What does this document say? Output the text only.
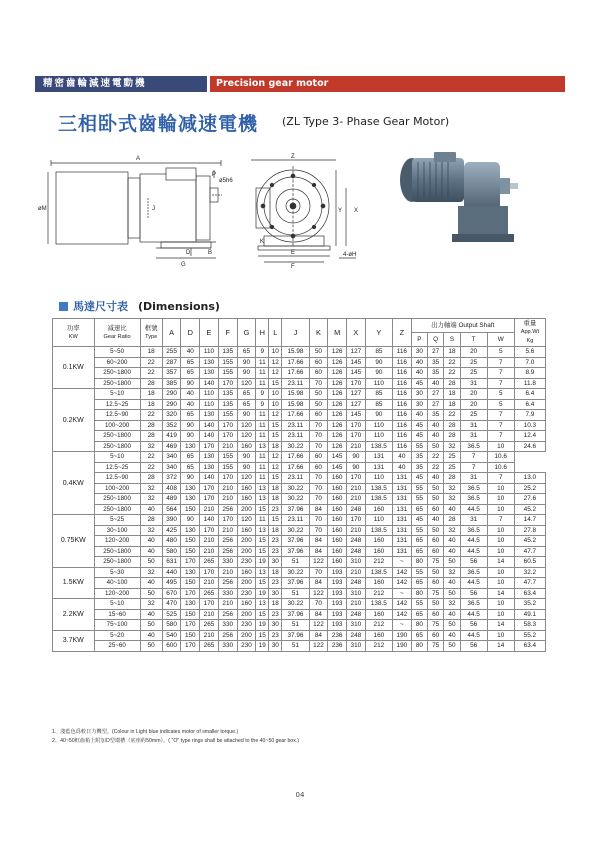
精密齒輪減速電動機	Precision gear motor
三相卧式齒輪减速電機 (ZL Type 3- Phase Gear Motor)
A
P
øM	J
D	B
G
Z
ø5h6
Y X
E
F
K
4-øH
馬達尺寸表 (Dimensions)
功率
KW	减速比
Gear Ratio	框號
Type	A	D	E	F	G	H	L	J	K	M	X	Y	Z	出力軸端 Output Shaft					重量
App.Wt
Kg

																P	Q	S	T	W	
0.1KW	5~50	18	255	40	110	135	65	9	10	15.98	50	126	127	85	116	30	27	18	20	5	5.6
	60~200	22	287	65	130	155	90	11	12	17.66	60	126	145	90	116	40	35	22	25	7	7.0
	250~1800	22	357	65	130	155	90	11	12	17.66	60	126	145	90	116	40	35	22	25	7	8.9
	250~1800	28	385	90	140	170	120	11	15	23.11	70	126	170	110	116	45	40	28	31	7	11.8
0.2KW	5~10	18	290	40	110	135	65	9	10	15.98	50	126	127	85	116	30	27	18	20	5	6.4
	12.5~25	18	290	40	110	135	65	9	10	15.98	50	126	127	85	116	30	27	18	20	5	6.4
	12.5~90	22	320	65	130	155	90	11	12	17.66	60	126	145	90	116	40	35	22	25	7	7.9
	100~200	28	352	90	140	170	120	11	15	23.11	70	126	170	110	116	45	40	28	31	7	10.3
	250~1800	28	419	90	140	170	120	11	15	23.11	70	126	170	110	116	45	40	28	31	7	12.4
	250~1800	32	469	130	170	210	160	13	18	30.22	70	126	210	138.5	116	55	50	32	36.5	10	24.6
0.4KW	5~10	22	340	65	130	155	90	11	12	17.66	60	145	90	131	40	35	22	25	7	10.6	
	12.5~25	22	340	65	130	155	90	11	12	17.66	60	145	90	131	40	35	22	25	7	10.6	
	12.5~90	28	372	90	140	170	120	11	15	23.11	70	160	170	110	131	45	40	28	31	7	13.0
	100~200	32	408	130	170	210	160	13	18	30.22	70	160	210	138.5	131	55	50	32	36.5	10	25.2
	250~1800	32	489	130	170	210	160	13	18	30.22	70	160	210	138.5	131	55	50	32	36.5	10	27.6
	250~1800	40	564	150	210	256	200	15	23	37.96	84	160	248	160	131	65	60	40	44.5	10	45.2
0.75KW	5~25	28	390	90	140	170	120	11	15	23.11	70	160	170	110	131	45	40	28	31	7	14.7
	30~100	32	425	130	170	210	160	13	18	30.22	70	160	210	138.5	131	55	50	32	36.5	10	27.8
	120~200	40	480	150	210	256	200	15	23	37.96	84	160	248	160	131	65	60	40	44.5	10	45.2
	250~1800	40	580	150	210	256	200	15	23	37.96	84	160	248	160	131	65	60	40	44.5	10	47.7
	250~1800	50	631	170	265	330	230	19	30	51	122	160	310	212	~	80	75	50	56	14	60.5
1.5KW	5~30	32	440	130	170	210	160	13	18	30.22	70	193	210	138.5	142	55	50	32	36.5	10	32.2
	40~100	40	495	150	210	256	200	15	23	37.96	84	193	248	160	142	65	60	40	44.5	10	47.7
	120~200	50	670	170	265	330	230	19	30	51	122	193	310	212	~	80	75	50	56	14	63.4
2.2KW	5~10	32	470	130	170	210	160	13	18	30.22	70	193	210	138.5	142	55	50	32	36.5	10	35.2
	15~60	40	525	150	210	256	200	15	23	37.96	84	193	248	160	142	65	60	40	44.5	10	49.1
	75~100	50	580	170	265	330	230	19	30	51	122	193	310	212	~	80	75	50	56	14	58.3
3.7KW	5~20	40	540	150	210	256	200	15	23	37.96	84	236	248	160	190	65	60	40	44.5	10	55.2
	25~60	50	600	170	265	330	230	19	30	51	122	236	310	212	190	80	75	50	56	14	63.4
1、淺藍色爲較日力機型。(Colour in Light blue indicates motor of smaller torque.)
2、40~50框齒箱上附加O型環槽（底座約50mm）。( "O" type rings shall be attached to the 40~50 gear box.)
04
